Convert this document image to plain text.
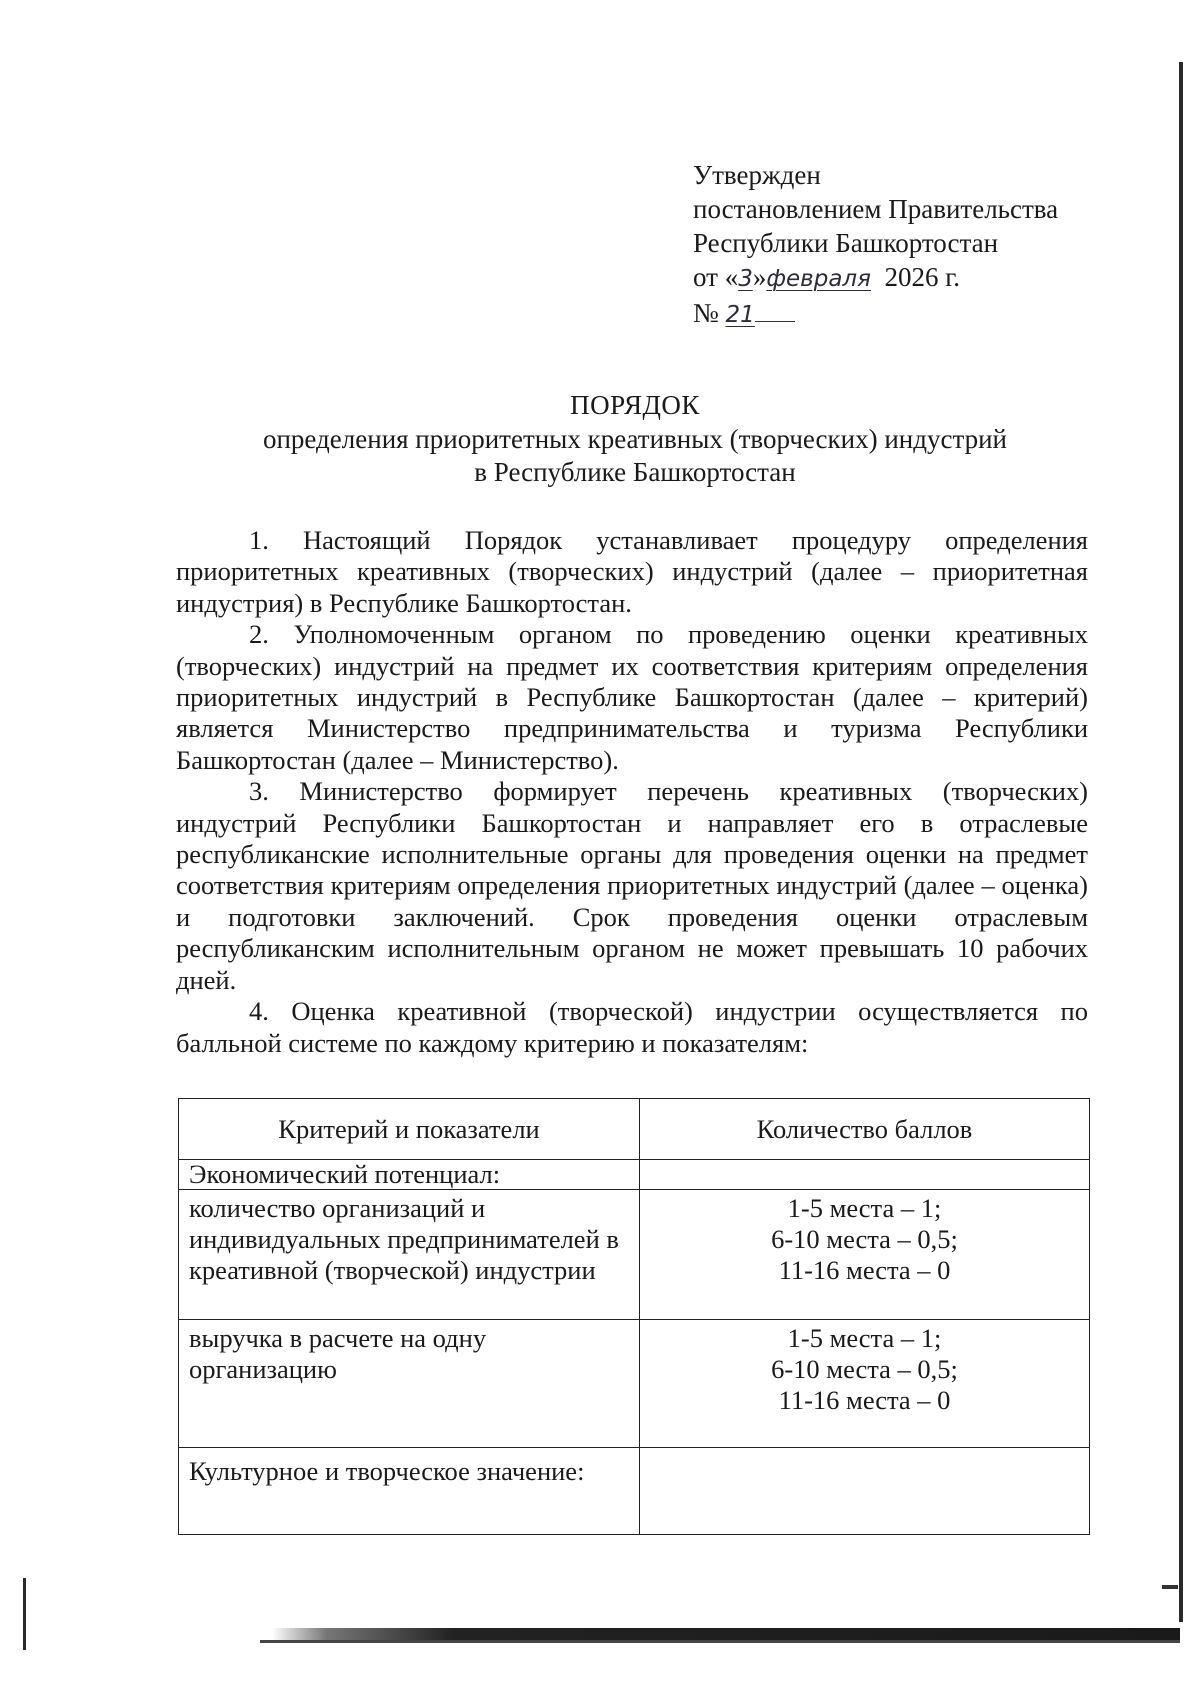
Утвержден
постановлением Правительства
Республики Башкортостан
от «3»февраля 2026 г.
№ 21
ПОРЯДОК
определения приоритетных креативных (творческих) индустрий
в Республике Башкортостан

1. Настоящий Порядок устанавливает процедуру определения приоритетных креативных (творческих) индустрий (далее – приоритетная индустрия) в Республике Башкортостан.

2. Уполномоченным органом по проведению оценки креативных (творческих) индустрий на предмет их соответствия критериям определения приоритетных индустрий в Республике Башкортостан (далее – критерий) является Министерство предпринимательства и туризма Республики Башкортостан (далее – Министерство).

3. Министерство формирует перечень креативных (творческих) индустрий Республики Башкортостан и направляет его в отраслевые республиканские исполнительные органы для проведения оценки на предмет соответствия критериям определения приоритетных индустрий (далее – оценка) и подготовки заключений. Срок проведения оценки отраслевым республиканским исполнительным органом не может превышать 10 рабочих дней.

4. Оценка креативной (творческой) индустрии осуществляется по балльной системе по каждому критерию и показателям:

Критерий и показатели	Количество баллов
Экономический потенциал:	
количество организаций и индивидуальных предпринимателей в креативной (творческой) индустрии	1-5 места – 1;
6-10 места – 0,5;
11-16 места – 0

выручка в расчете на одну организацию	1-5 места – 1;
6-10 места – 0,5;
11-16 места – 0

Культурное и творческое значение:	
